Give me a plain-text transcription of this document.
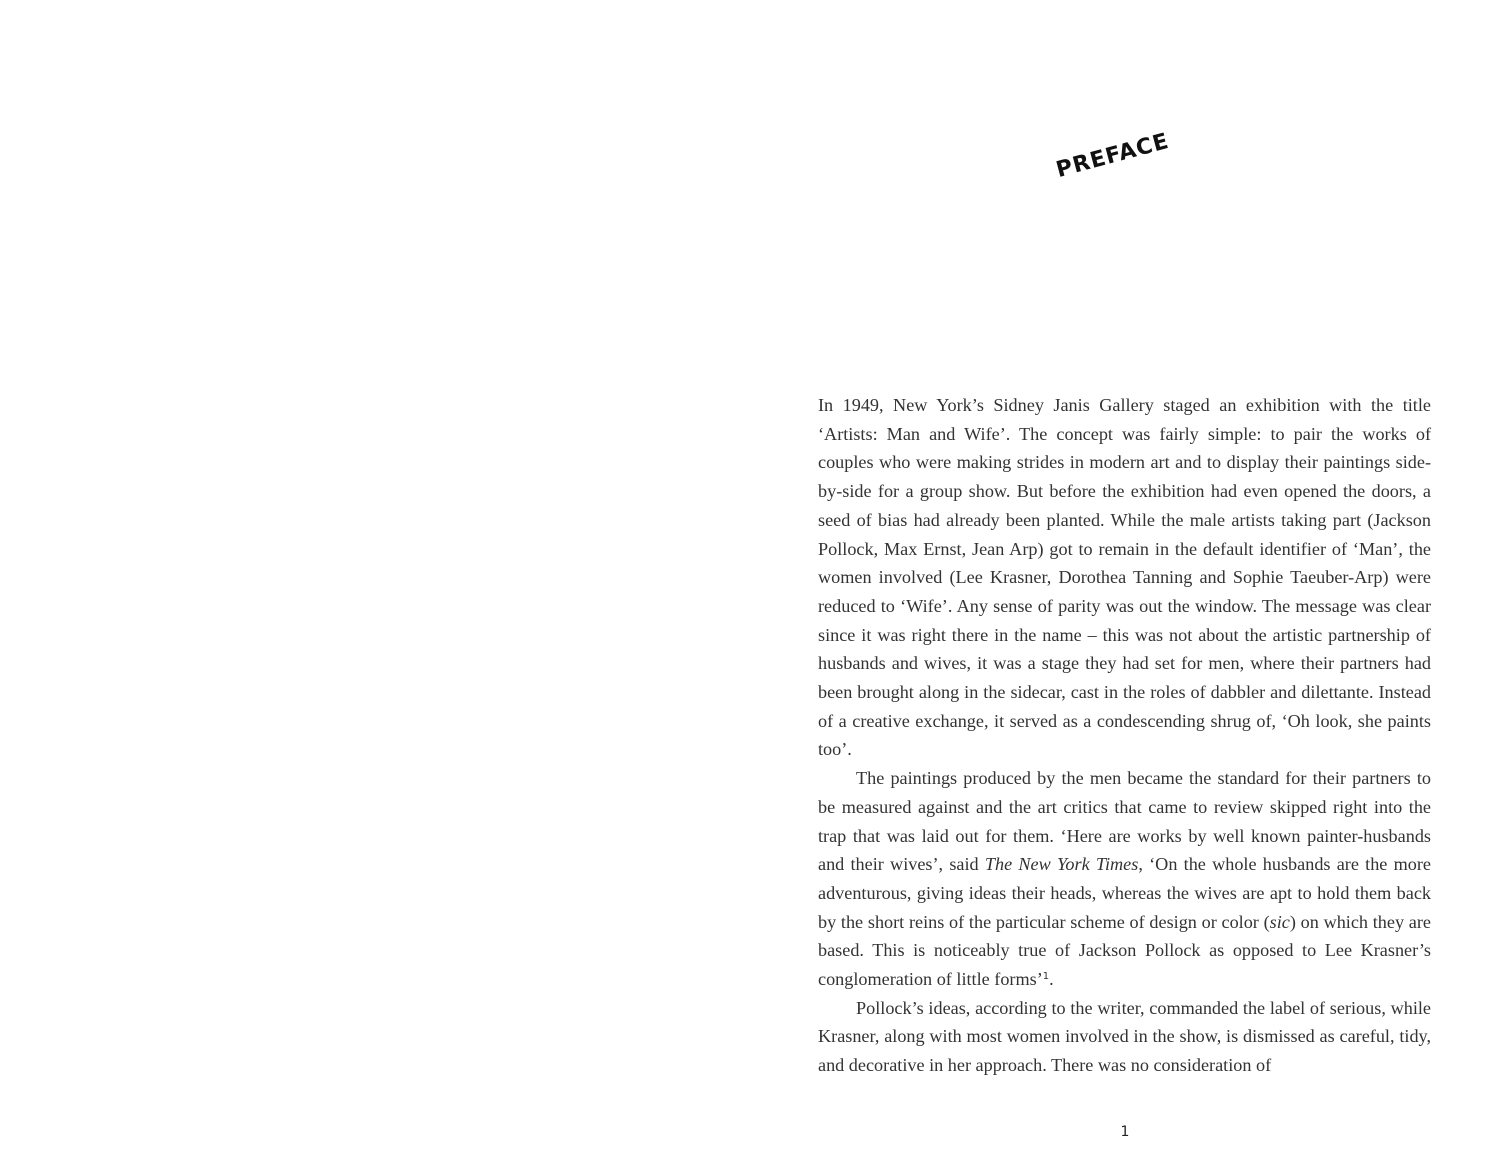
PREFACE

In 1949, New York’s Sidney Janis Gallery staged an exhibition with the title ‘Artists: Man and Wife’. The concept was fairly simple: to pair the works of couples who were making strides in modern art and to display their paintings side-by-side for a group show. But before the exhibition had even opened the doors, a seed of bias had already been planted. While the male artists taking part (Jackson Pollock, Max Ernst, Jean Arp) got to remain in the default identifier of ‘Man’, the women involved (Lee Krasner, Dorothea Tanning and Sophie Taeuber-Arp) were reduced to ‘Wife’. Any sense of parity was out the window. The message was clear since it was right there in the name – this was not about the artistic partnership of husbands and wives, it was a stage they had set for men, where their partners had been brought along in the sidecar, cast in the roles of dabbler and dilettante. Instead of a creative exchange, it served as a condescending shrug of, ‘Oh look, she paints too’.

The paintings produced by the men became the standard for their partners to be measured against and the art critics that came to review skipped right into the trap that was laid out for them. ‘Here are works by well known painter-husbands and their wives’, said The New York Times, ‘On the whole husbands are the more adventurous, giving ideas their heads, whereas the wives are apt to hold them back by the short reins of the particular scheme of design or color (sic) on which they are based. This is noticeably true of Jackson Pollock as opposed to Lee Krasner’s conglomeration of little forms’$^1$.

Pollock’s ideas, according to the writer, commanded the label of serious, while Krasner, along with most women involved in the show, is dismissed as careful, tidy, and decorative in her approach. There was no consideration of

1
